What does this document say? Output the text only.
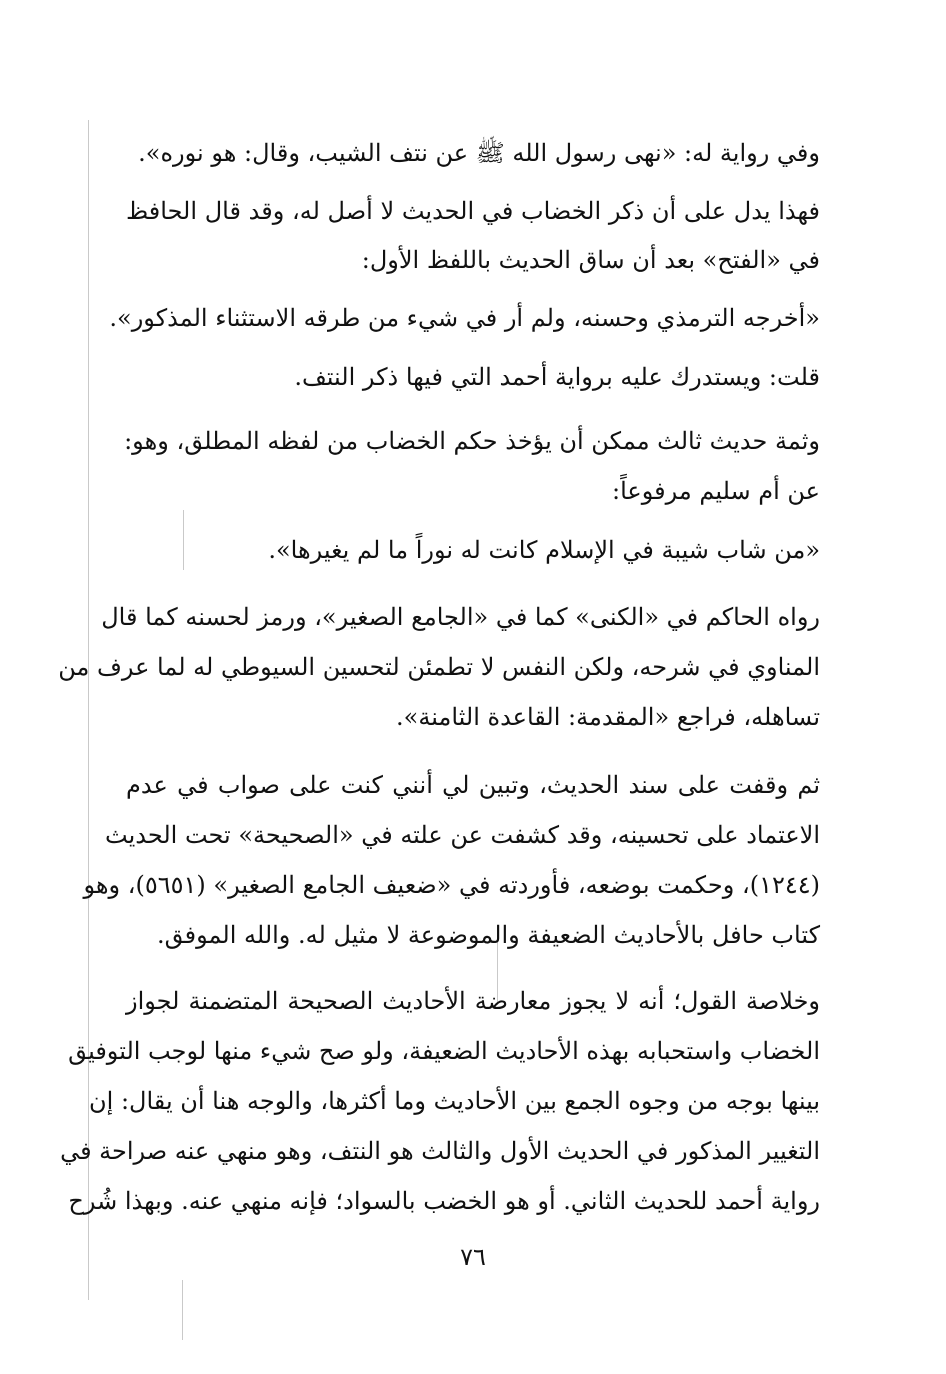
وفي رواية له: «نهى رسول الله ﷺ عن نتف الشيب، وقال: هو نوره».
فهذا يدل على أن ذكر الخضاب في الحديث لا أصل له، وقد قال الحافظ
في «الفتح» بعد أن ساق الحديث باللفظ الأول:
«أخرجه الترمذي وحسنه، ولم أر في شيء من طرقه الاستثناء المذكور».
قلت: ويستدرك عليه برواية أحمد التي فيها ذكر النتف.
وثمة حديث ثالث ممكن أن يؤخذ حكم الخضاب من لفظه المطلق، وهو:
عن أم سليم مرفوعاً:
«من شاب شيبة في الإسلام كانت له نوراً ما لم يغيرها».
رواه الحاكم في «الكنى» كما في «الجامع الصغير»، ورمز لحسنه كما قال
المناوي في شرحه، ولكن النفس لا تطمئن لتحسين السيوطي له لما عرف من
تساهله، فراجع «المقدمة: القاعدة الثامنة».
ثم وقفت على سند الحديث، وتبين لي أنني كنت على صواب في عدم
الاعتماد على تحسينه، وقد كشفت عن علته في «الصحيحة» تحت الحديث
(١٢٤٤)، وحكمت بوضعه، فأوردته في «ضعيف الجامع الصغير» (٥٦٥١)، وهو
كتاب حافل بالأحاديث الضعيفة والموضوعة لا مثيل له. والله الموفق.
وخلاصة القول؛ أنه لا يجوز معارضة الأحاديث الصحيحة المتضمنة لجواز
الخضاب واستحبابه بهذه الأحاديث الضعيفة، ولو صح شيء منها لوجب التوفيق
بينها بوجه من وجوه الجمع بين الأحاديث وما أكثرها، والوجه هنا أن يقال: إن
التغيير المذكور في الحديث الأول والثالث هو النتف، وهو منهي عنه صراحة في
رواية أحمد للحديث الثاني. أو هو الخضب بالسواد؛ فإنه منهي عنه. وبهذا شُرح
٧٦
